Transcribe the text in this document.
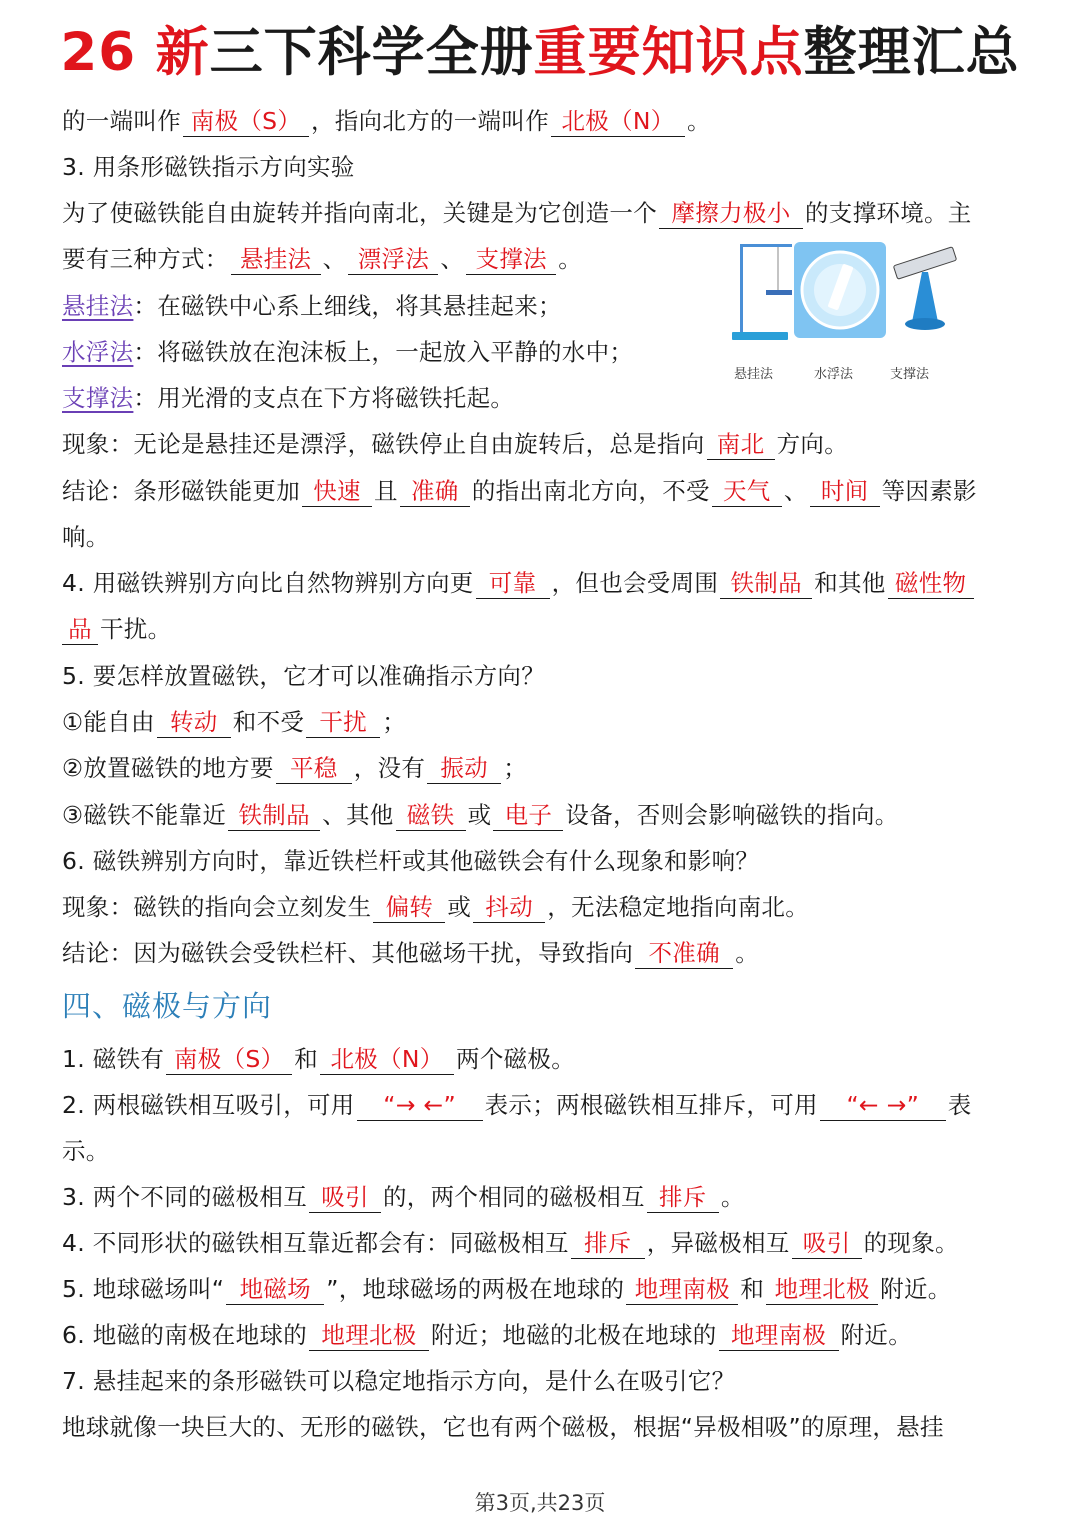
26 新三下科学全册重要知识点整理汇总
的一端叫作 南极（S） ，指向北方的一端叫作 北极（N） 。
3. 用条形磁铁指示方向实验
为了使磁铁能自由旋转并指向南北，关键是为它创造一个 摩擦力极小 的支撑环境。主
要有三种方式： 悬挂法 、 漂浮法 、 支撑法 。
悬挂法：在磁铁中心系上细线，将其悬挂起来；
水浮法：将磁铁放在泡沫板上，一起放入平静的水中；
支撑法：用光滑的支点在下方将磁铁托起。
悬挂法	水浮法	支撑法
现象：无论是悬挂还是漂浮，磁铁停止自由旋转后，总是指向 南北 方向。
结论：条形磁铁能更加 快速 且 准确 的指出南北方向，不受 天气 、 时间 等因素影
响。
4. 用磁铁辨别方向比自然物辨别方向更 可靠 ，但也会受周围 铁制品 和其他 磁性物
品 干扰。
5. 要怎样放置磁铁，它才可以准确指示方向？
①能自由 转动 和不受 干扰 ；
②放置磁铁的地方要 平稳 ，没有 振动 ；
③磁铁不能靠近 铁制品 、其他 磁铁 或 电子 设备，否则会影响磁铁的指向。
6. 磁铁辨别方向时，靠近铁栏杆或其他磁铁会有什么现象和影响？
现象：磁铁的指向会立刻发生 偏转 或 抖动 ，无法稳定地指向南北。
结论：因为磁铁会受铁栏杆、其他磁场干扰，导致指向 不准确 。
四、磁极与方向
1. 磁铁有 南极（S） 和 北极（N） 两个磁极。
2. 两根磁铁相互吸引，可用 “→ ←” 表示；两根磁铁相互排斥，可用 “← →” 表
示。
3. 两个不同的磁极相互 吸引 的，两个相同的磁极相互 排斥 。
4. 不同形状的磁铁相互靠近都会有：同磁极相互 排斥 ，异磁极相互 吸引 的现象。
5. 地球磁场叫“ 地磁场 ”，地球磁场的两极在地球的 地理南极 和 地理北极 附近。
6. 地磁的南极在地球的 地理北极 附近；地磁的北极在地球的 地理南极 附近。
7. 悬挂起来的条形磁铁可以稳定地指示方向，是什么在吸引它？
地球就像一块巨大的、无形的磁铁，它也有两个磁极，根据“异极相吸”的原理，悬挂
第3页,共23页
